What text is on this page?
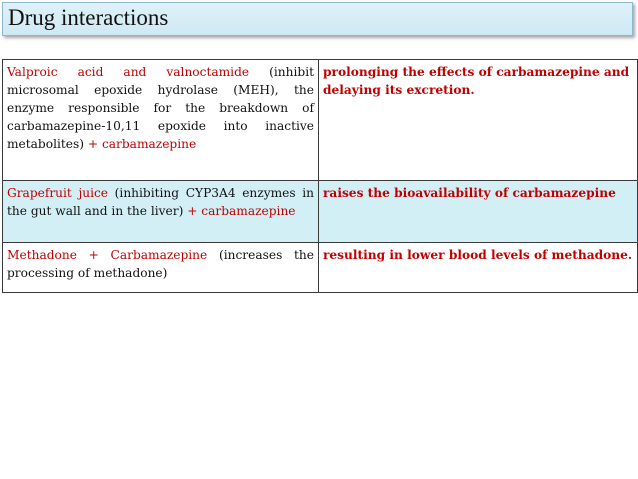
Drug interactions
Valproic acid and valnoctamide (inhibit microsomal epoxide hydrolase (MEH), the enzyme responsible for the breakdown of carbamazepine-10,11 epoxide into inactive metabolites) + carbamazepine	prolonging the effects of carbamazepine and delaying its excretion.
Grapefruit juice (inhibiting CYP3A4 enzymes in the gut wall and in the liver) + carbamazepine	raises the bioavailability of carbamazepine
Methadone + Carbamazepine (increases the processing of methadone)	resulting in lower blood levels of methadone.
